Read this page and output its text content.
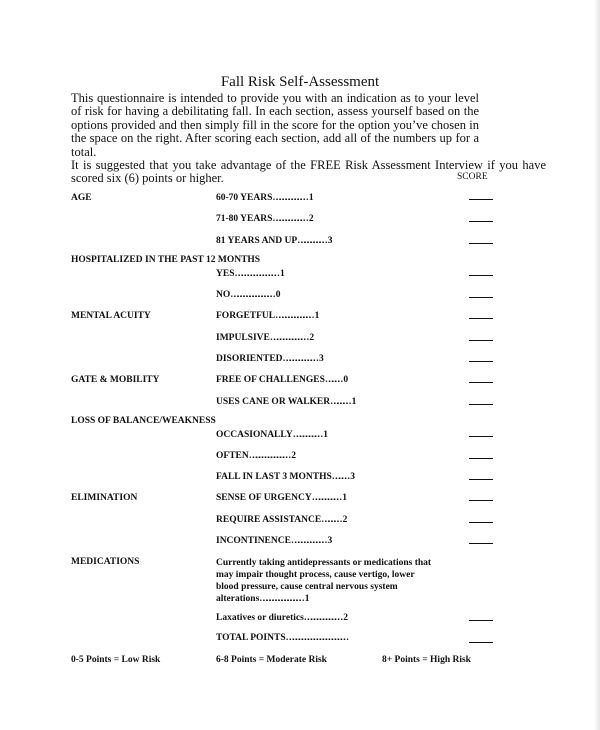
Fall Risk Self-Assessment
This questionnaire is intended to provide you with an indication as to your level of risk for having a debilitating fall. In each section, assess yourself based on the options provided and then simply fill in the score for the option you’ve chosen in the space on the right. After scoring each section, add all of the numbers up for a total.
It is suggested that you take advantage of the FREE Risk Assessment Interview if you have scored six (6) points or higher.	SCORE
AGE	60-70 YEARS………………………… 1
71-80 YEARS………………………… 2
81 YEARS AND UP…………………… 3
HOSPITALIZED IN THE PAST 12 MONTHS
YES………………………………… 1
NO………………………………… 0
MENTAL ACUITY	FORGETFUL…………………………… 1
IMPULSIVE…………………………… 2
DISORIENTED………………………… 3
GATE & MOBILITY	FREE OF CHALLENGES………… 0
USES CANE OR WALKER…………… 1
LOSS OF BALANCE/WEAKNESS
OCCASIONALLY…………………… 1
OFTEN……………………………… 2
FALL IN LAST 3 MONTHS………… 3
ELIMINATION	SENSE OF URGENCY…………………… 1
REQUIRE ASSISTANCE…………… 2
INCONTINENCE………………………… 3
MEDICATIONS	Currently taking antidepressants or medications that may impair thought process, cause vertigo, lower blood pressure, cause central nervous system alterations………………………………… 1
Laxatives or diuretics…………………………… 2
TOTAL POINTS…………………………………………………
0-5 Points = Low Risk	6-8 Points = Moderate Risk	8+ Points = High Risk
